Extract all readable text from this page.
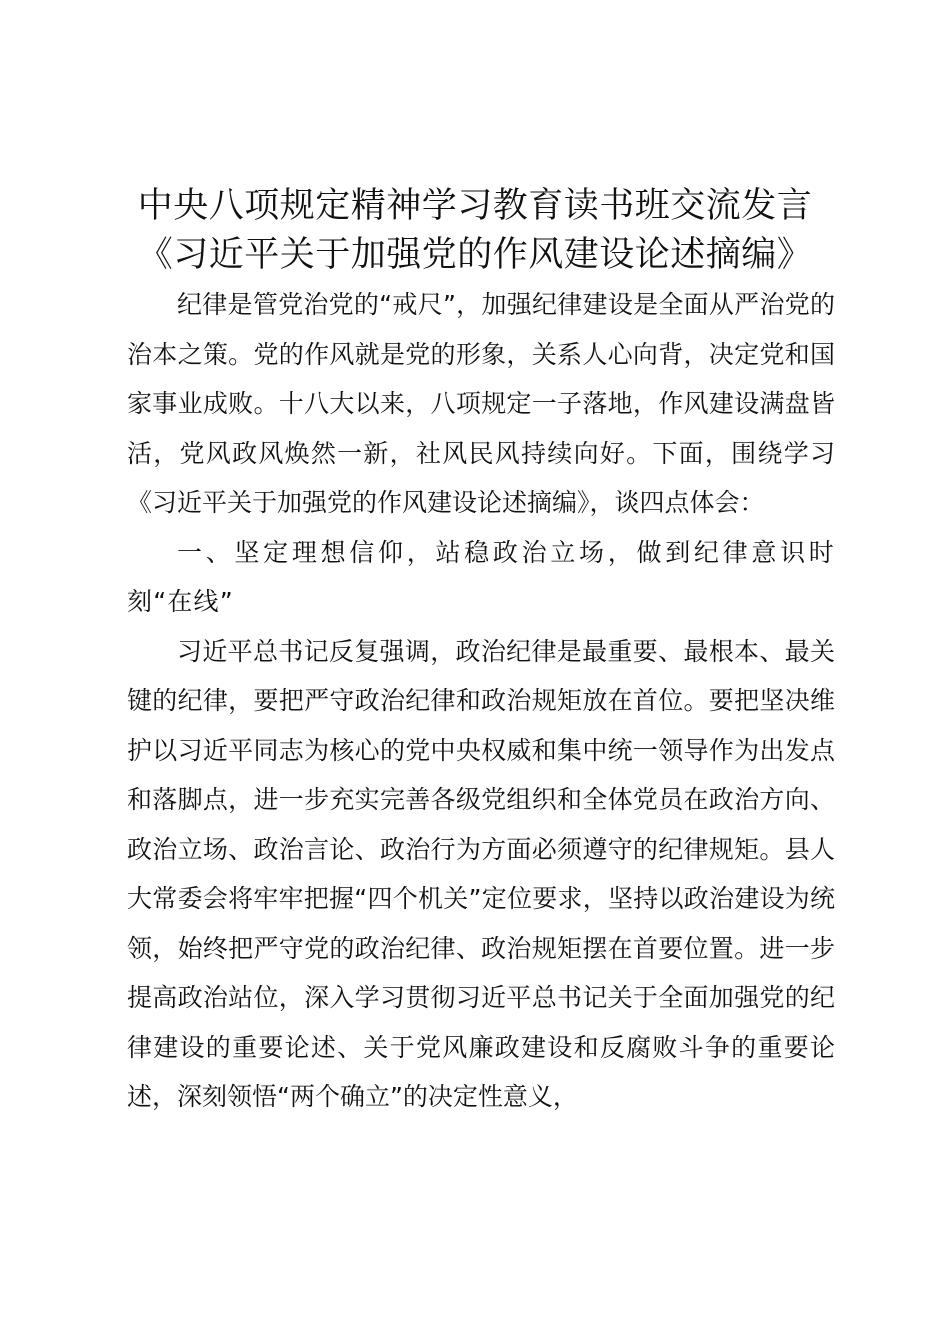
中央八项规定精神学习教育读书班交流发言
《习近平关于加强党的作风建设论述摘编》

纪律是管党治党的“戒尺”，加强纪律建设是全面从严治党的治本之策。党的作风就是党的形象，关系人心向背，决定党和国家事业成败。十八大以来，八项规定一子落地，作风建设满盘皆活，党风政风焕然一新，社风民风持续向好。下面，围绕学习《习近平关于加强党的作风建设论述摘编》，谈四点体会：

一、坚定理想信仰，站稳政治立场，做到纪律意识时刻“在线”

习近平总书记反复强调，政治纪律是最重要、最根本、最关键的纪律，要把严守政治纪律和政治规矩放在首位。要把坚决维护以习近平同志为核心的党中央权威和集中统一领导作为出发点和落脚点，进一步充实完善各级党组织和全体党员在政治方向、政治立场、政治言论、政治行为方面必须遵守的纪律规矩。县人大常委会将牢牢把握“四个机关”定位要求，坚持以政治建设为统领，始终把严守党的政治纪律、政治规矩摆在首要位置。进一步提高政治站位，深入学习贯彻习近平总书记关于全面加强党的纪律建设的重要论述、关于党风廉政建设和反腐败斗争的重要论述，深刻领悟“两个确立”的决定性意义，
